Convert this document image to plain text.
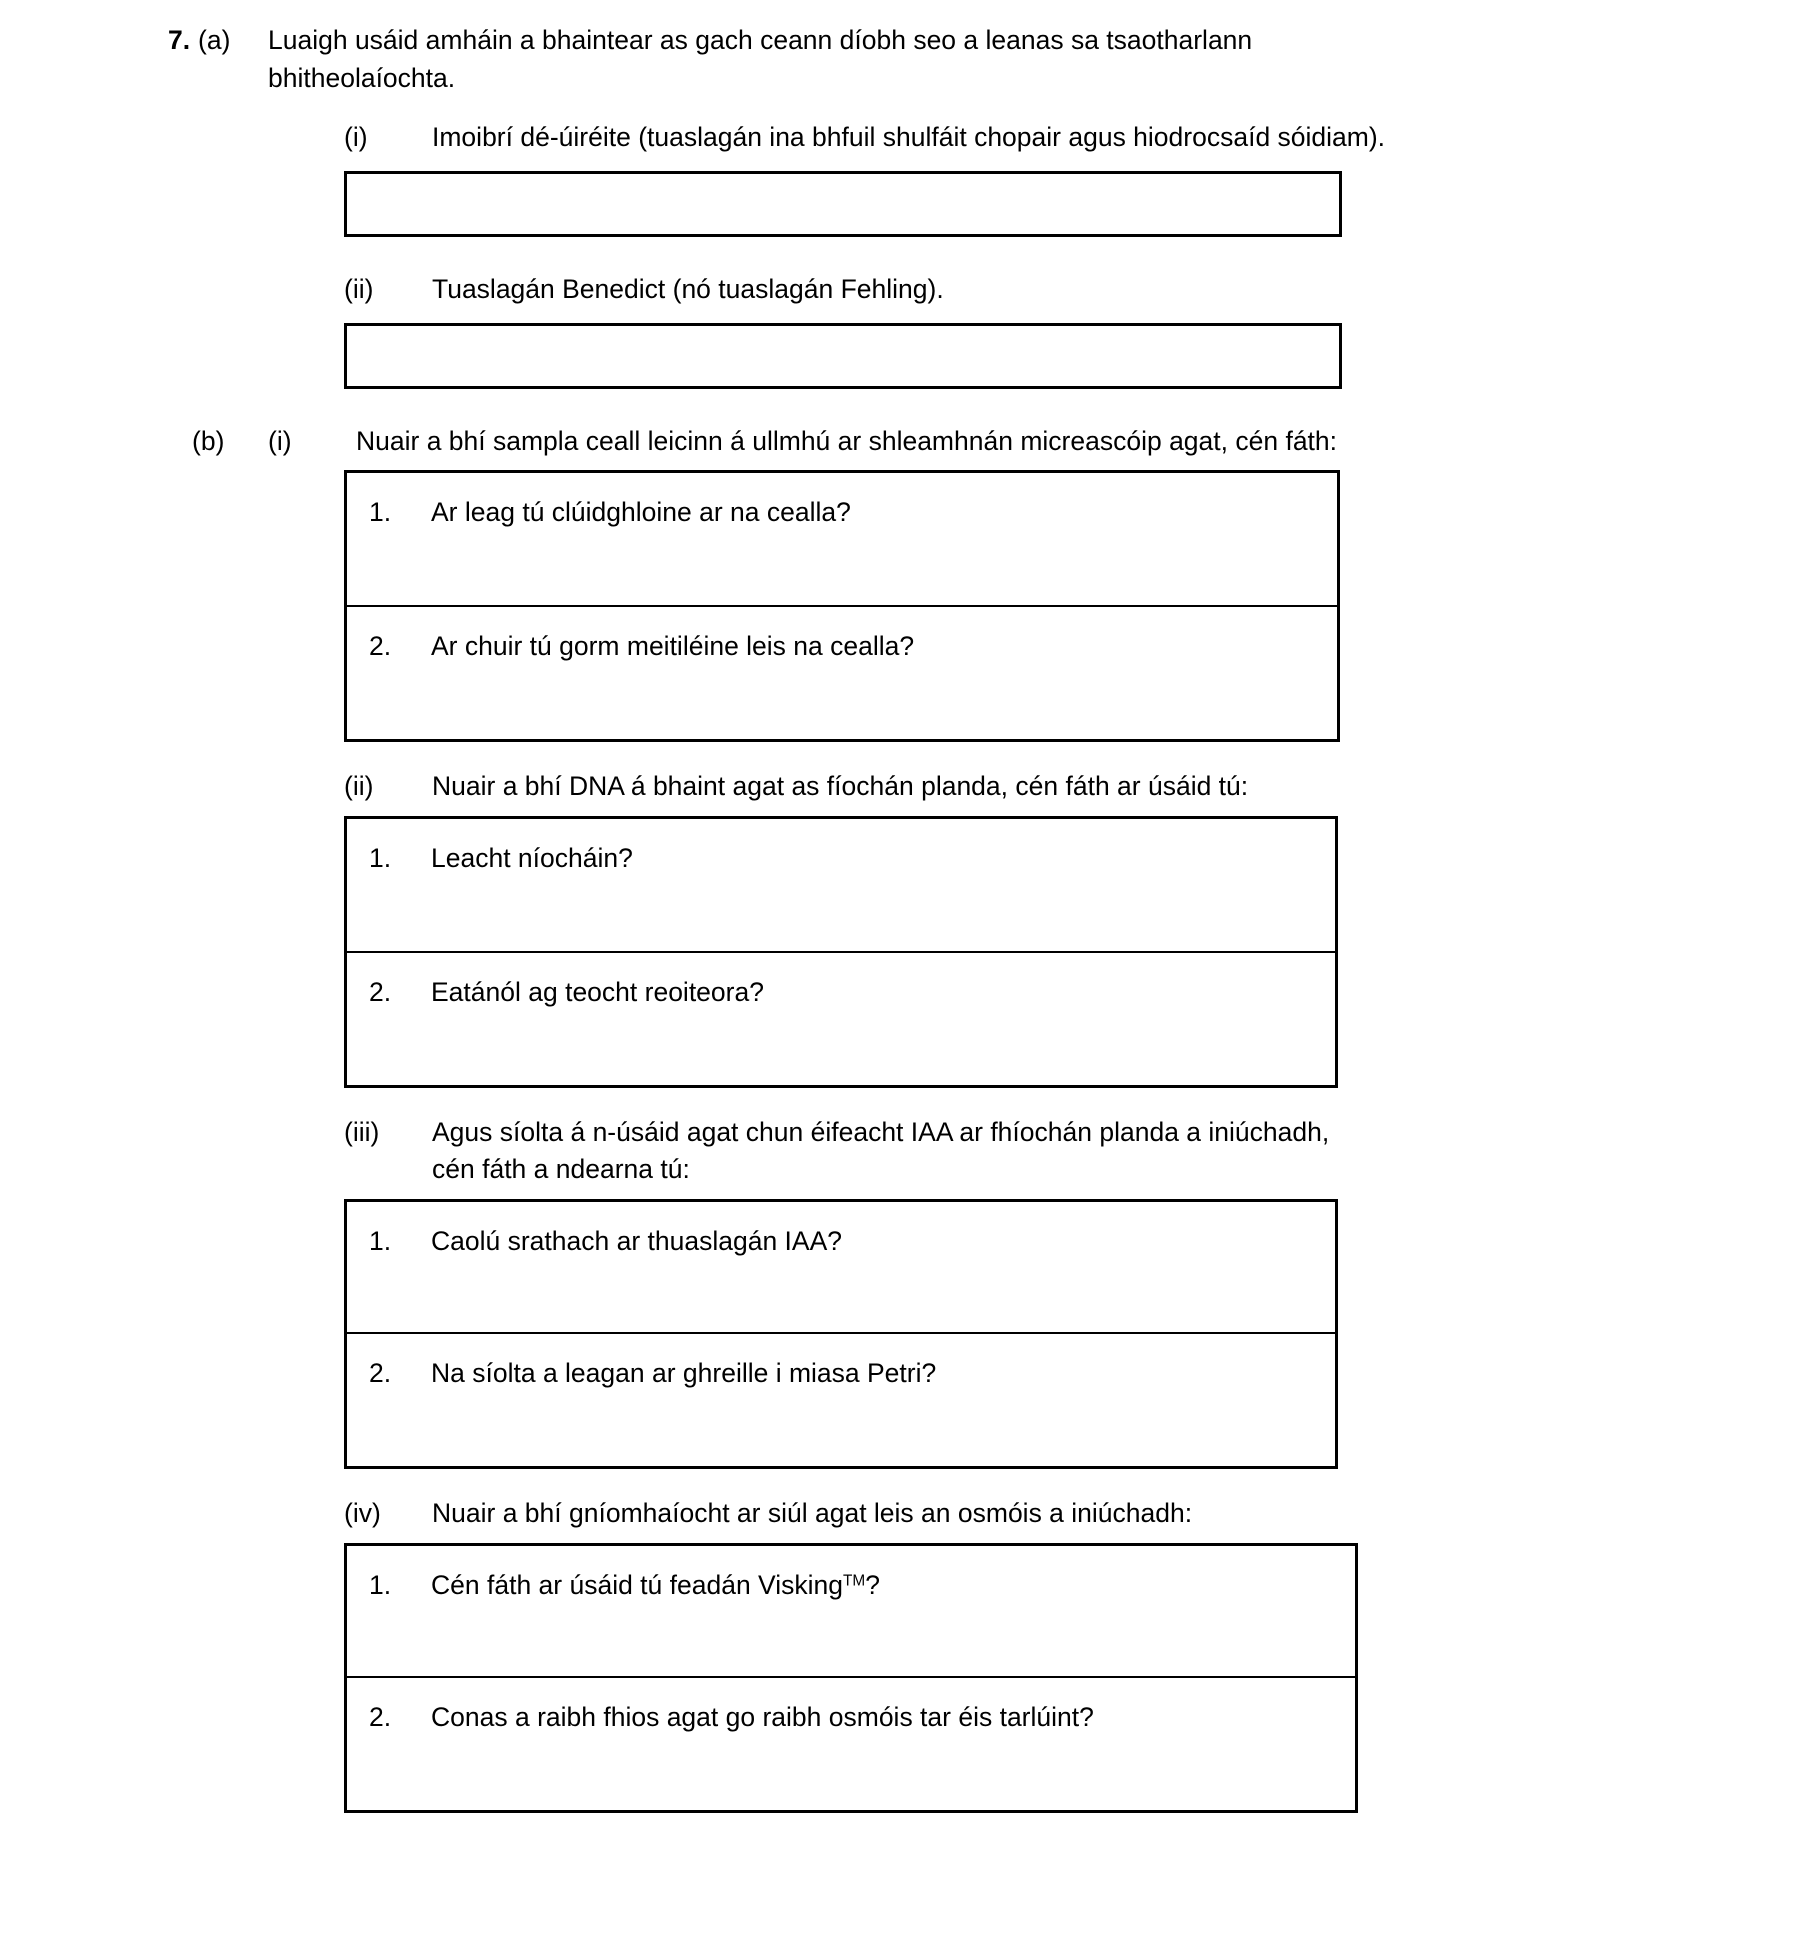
7. (a)	Luaigh usáid amháin a bhaintear as gach ceann díobh seo a leanas sa tsaotharlann
bhitheolaíochta.
(i)	Imoibrí dé-úiréite (tuaslagán ina bhfuil shulfáit chopair agus hiodrocsaíd sóidiam).
(ii)	Tuaslagán Benedict (nó tuaslagán Fehling).
(b)	(i)	Nuair a bhí sampla ceall leicinn á ullmhú ar shleamhnán micreascóip agat, cén fáth:
1.	Ar leag tú clúidghloine ar na cealla?
2.	Ar chuir tú gorm meitiléine leis na cealla?
(ii)	Nuair a bhí DNA á bhaint agat as fíochán planda, cén fáth ar úsáid tú:
1.	Leacht níocháin?
2.	Eatánól ag teocht reoiteora?
(iii)	Agus síolta á n-úsáid agat chun éifeacht IAA ar fhíochán planda a iniúchadh,
cén fáth a ndearna tú:
1.	Caolú srathach ar thuaslagán IAA?
2.	Na síolta a leagan ar ghreille i miasa Petri?
(iv)	Nuair a bhí gníomhaíocht ar siúl agat leis an osmóis a iniúchadh:
1.	Cén fáth ar úsáid tú feadán Visking™?
2.	Conas a raibh fhios agat go raibh osmóis tar éis tarlúint?
